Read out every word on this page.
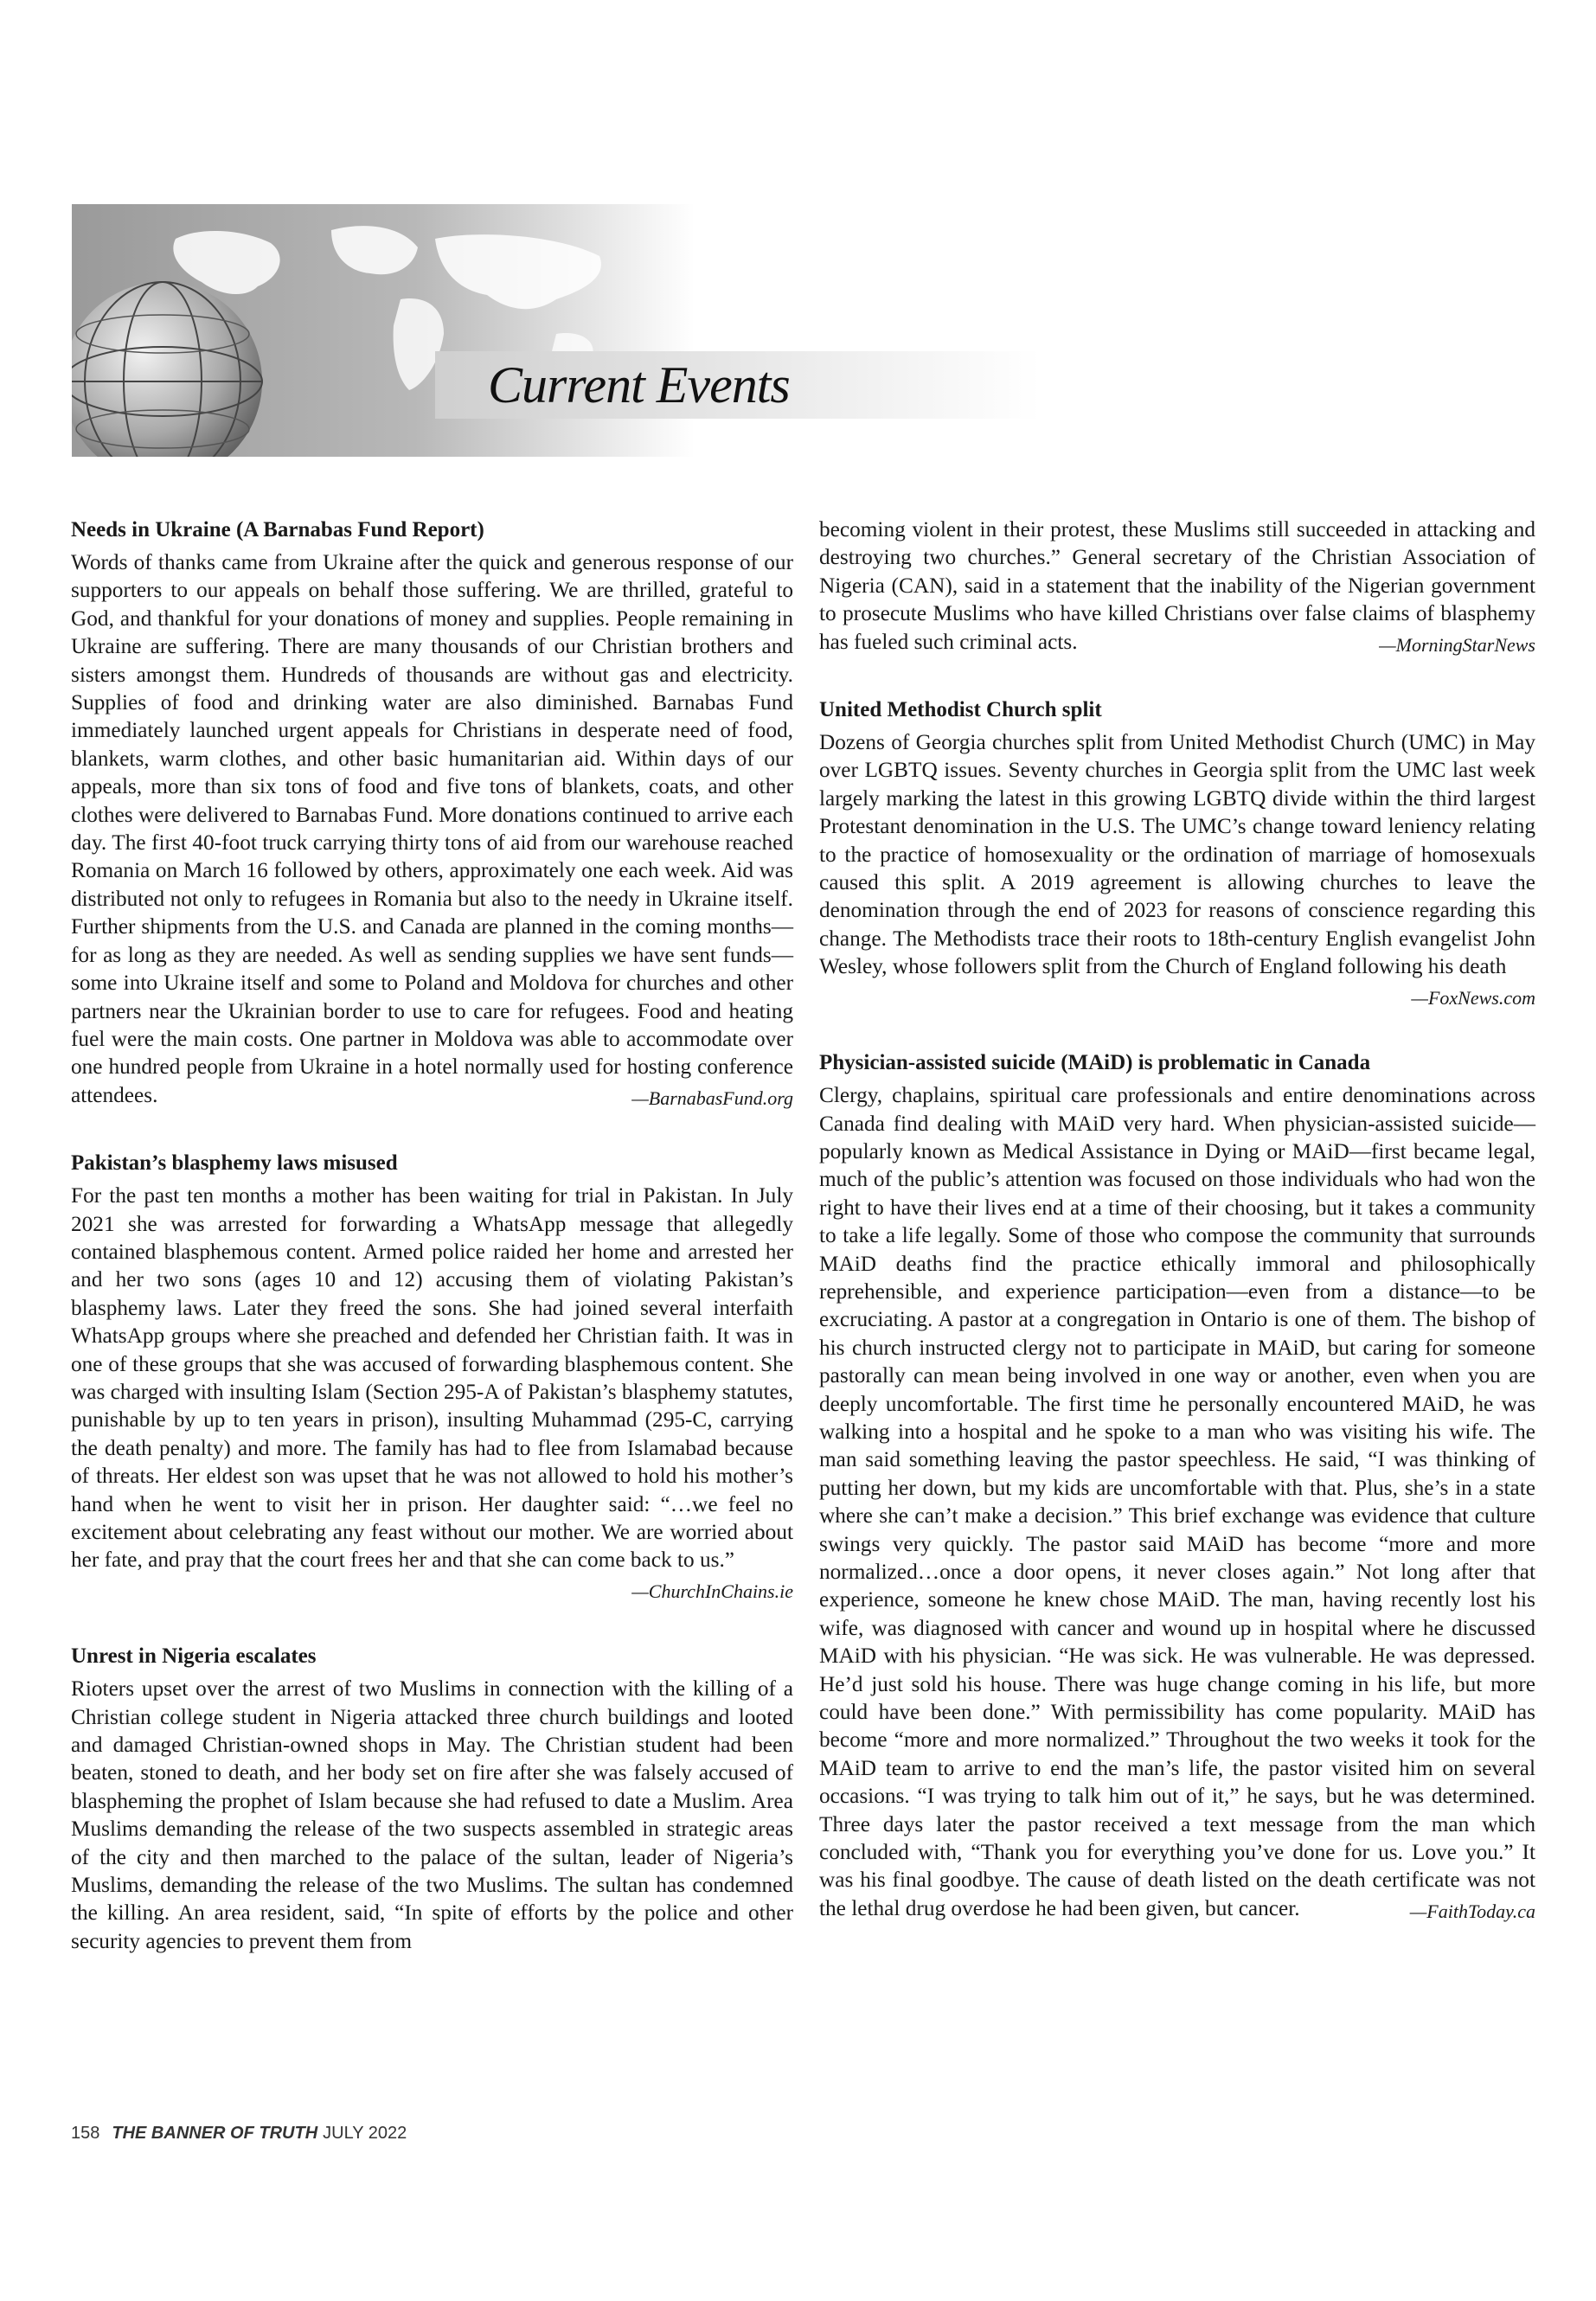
Current Events
Needs in Ukraine (A Barnabas Fund Report)

Words of thanks came from Ukraine after the quick and generous response of our supporters to our appeals on behalf those suffering. We are thrilled, grateful to God, and thankful for your donations of money and supplies. People remaining in Ukraine are suffering. There are many thousands of our Christian brothers and sisters amongst them. Hundreds of thousands are without gas and electricity. Supplies of food and drinking water are also diminished. Barnabas Fund immediately launched urgent appeals for Christians in desperate need of food, blankets, warm clothes, and other basic humanitarian aid. Within days of our appeals, more than six tons of food and five tons of blankets, coats, and other clothes were delivered to Barnabas Fund. More donations continued to arrive each day. The first 40-foot truck carrying thirty tons of aid from our warehouse reached Romania on March 16 followed by others, approximately one each week. Aid was distributed not only to refugees in Romania but also to the needy in Ukraine itself. Further shipments from the U.S. and Canada are planned in the coming months—for as long as they are needed. As well as sending supplies we have sent funds—some into Ukraine itself and some to Poland and Moldova for churches and other partners near the Ukrainian border to use to care for refugees. Food and heating fuel were the main costs. One partner in Moldova was able to accommodate over one hundred people from Ukraine in a hotel normally used for hosting conference attendees.	—BarnabasFund.org

Pakistan’s blasphemy laws misused

For the past ten months a mother has been waiting for trial in Pakistan. In July 2021 she was arrested for forwarding a WhatsApp message that allegedly contained blasphemous content. Armed police raided her home and arrested her and her two sons (ages 10 and 12) accusing them of violating Pakistan’s blasphemy laws. Later they freed the sons. She had joined several interfaith WhatsApp groups where she preached and defended her Christian faith. It was in one of these groups that she was accused of forwarding blasphemous content. She was charged with insulting Islam (Section 295-A of Pakistan’s blasphemy statutes, punishable by up to ten years in prison), insulting Muhammad (295-C, carrying the death penalty) and more. The family has had to flee from Islamabad because of threats. Her eldest son was upset that he was not allowed to hold his mother’s hand when he went to visit her in prison. Her daughter said: “…we feel no excitement about celebrating any feast without our mother. We are worried about her fate, and pray that the court frees her and that she can come back to us.”
—ChurchInChains.ie

Unrest in Nigeria escalates

Rioters upset over the arrest of two Muslims in connection with the killing of a Christian college student in Nigeria attacked three church buildings and looted and damaged Christian-owned shops in May. The Christian student had been beaten, stoned to death, and her body set on fire after she was falsely accused of blaspheming the prophet of Islam because she had refused to date a Muslim. Area Muslims demanding the release of the two suspects assembled in strategic areas of the city and then marched to the palace of the sultan, leader of Nigeria’s Muslims, demanding the release of the two Muslims. The sultan has condemned the killing. An area resident, said, “In spite of efforts by the police and other security agencies to prevent them from

becoming violent in their protest, these Muslims still succeeded in attacking and destroying two churches.” General secretary of the Christian Association of Nigeria (CAN), said in a statement that the inability of the Nigerian government to prosecute Muslims who have killed Christians over false claims of blasphemy has fueled such criminal acts.	—MorningStarNews

United Methodist Church split

Dozens of Georgia churches split from United Methodist Church (UMC) in May over LGBTQ issues. Seventy churches in Georgia split from the UMC last week largely marking the latest in this growing LGBTQ divide within the third largest Protestant denomination in the U.S. The UMC’s change toward leniency relating to the practice of homosexuality or the ordination of marriage of homosexuals caused this split. A 2019 agreement is allowing churches to leave the denomination through the end of 2023 for reasons of conscience regarding this change. The Methodists trace their roots to 18th-century English evangelist John Wesley, whose followers split from the Church of England following his death
—FoxNews.com

Physician-assisted suicide (MAiD) is problematic in Canada

Clergy, chaplains, spiritual care professionals and entire denominations across Canada find dealing with MAiD very hard. When physician-assisted suicide—popularly known as Medical Assistance in Dying or MAiD—first became legal, much of the public’s attention was focused on those individuals who had won the right to have their lives end at a time of their choosing, but it takes a community to take a life legally. Some of those who compose the community that surrounds MAiD deaths find the practice ethically immoral and philosophically reprehensible, and experience participation—even from a distance—to be excruciating. A pastor at a congregation in Ontario is one of them. The bishop of his church instructed clergy not to participate in MAiD, but caring for someone pastorally can mean being involved in one way or another, even when you are deeply uncomfortable. The first time he personally encountered MAiD, he was walking into a hospital and he spoke to a man who was visiting his wife. The man said something leaving the pastor speechless. He said, “I was thinking of putting her down, but my kids are uncomfortable with that. Plus, she’s in a state where she can’t make a decision.” This brief exchange was evidence that culture swings very quickly. The pastor said MAiD has become “more and more normalized…once a door opens, it never closes again.” Not long after that experience, someone he knew chose MAiD. The man, having recently lost his wife, was diagnosed with cancer and wound up in hospital where he discussed MAiD with his physician. “He was sick. He was vulnerable. He was depressed. He’d just sold his house. There was huge change coming in his life, but more could have been done.” With permissibility has come popularity. MAiD has become “more and more normalized.” Throughout the two weeks it took for the MAiD team to arrive to end the man’s life, the pastor visited him on several occasions. “I was trying to talk him out of it,” he says, but he was determined. Three days later the pastor received a text message from the man which concluded with, “Thank you for everything you’ve done for us. Love you.” It was his final goodbye. The cause of death listed on the death certificate was not the lethal drug overdose he had been given, but cancer.	—FaithToday.ca

158 THE BANNER OF TRUTH JULY 2022
